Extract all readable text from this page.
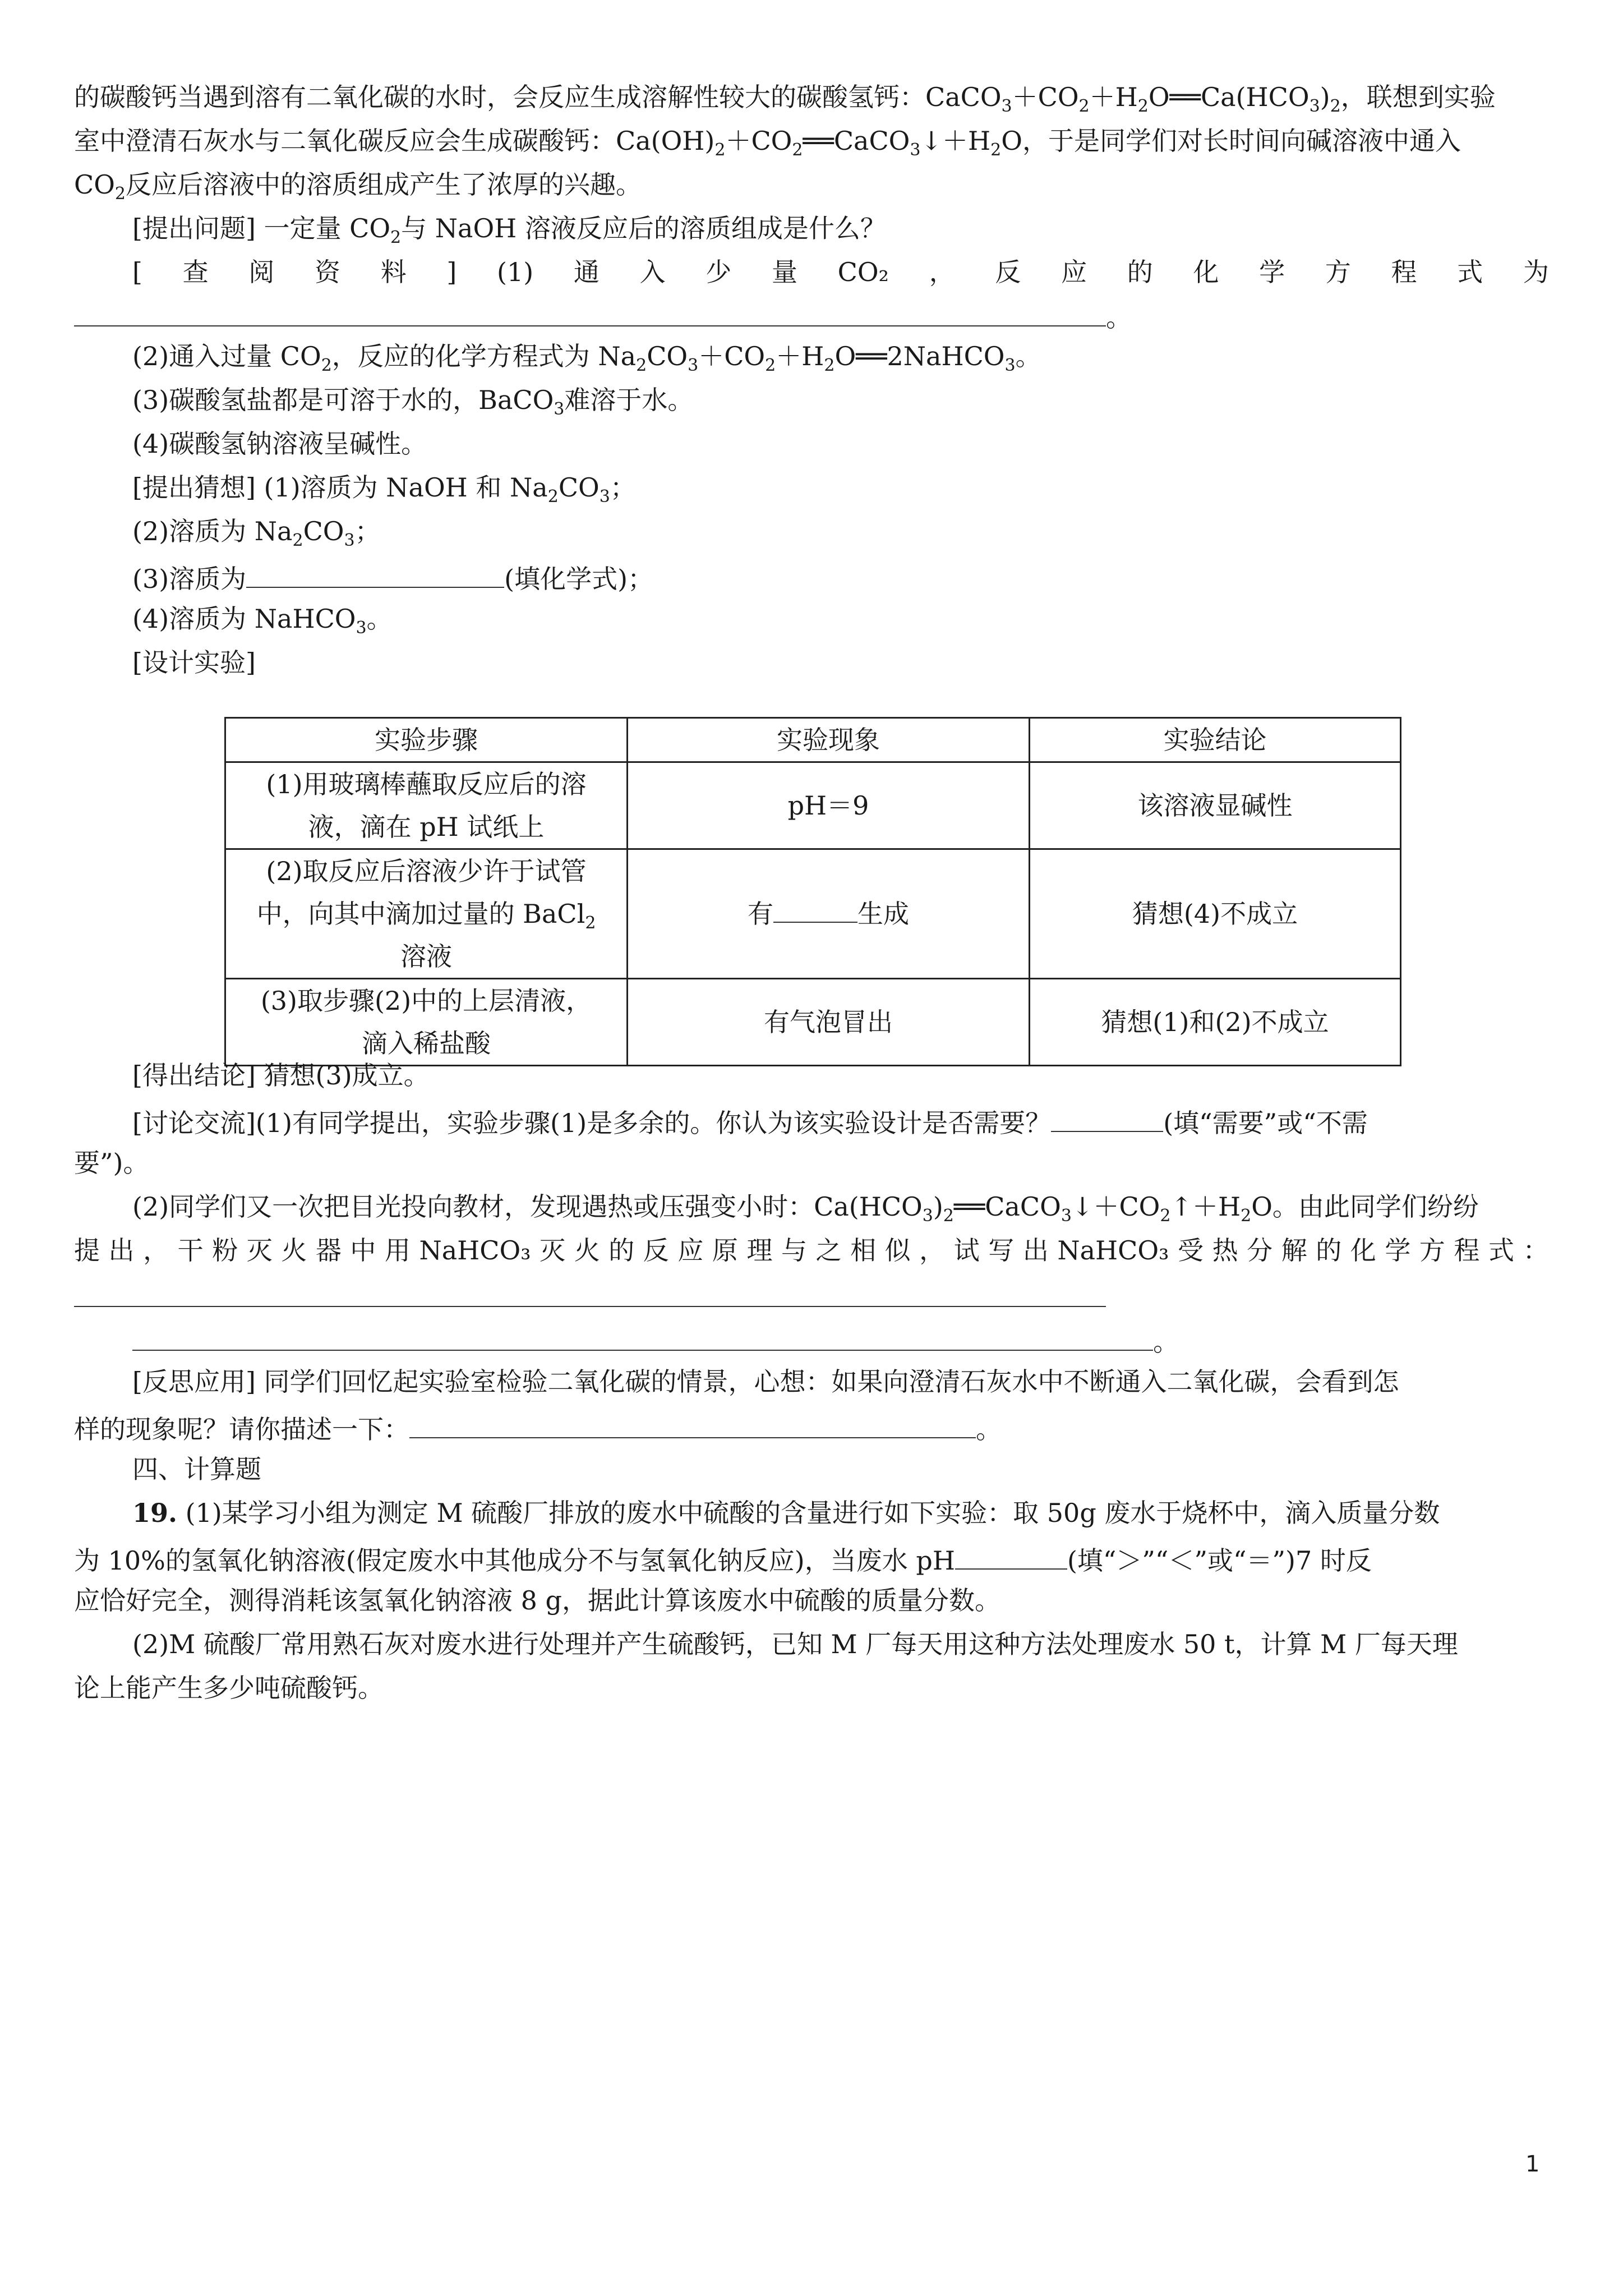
的碳酸钙当遇到溶有二氧化碳的水时，会反应生成溶解性较大的碳酸氢钙：$CaCO_3+CO_2+H_2O══Ca(HCO_3)_2$，联想到实验
室中澄清石灰水与二氧化碳反应会生成碳酸钙：$Ca(OH)_2+CO_2══CaCO_3↓+H_2O$，于是同学们对长时间向碱溶液中通入
$CO_2$反应后溶液中的溶质组成产生了浓厚的兴趣。
[提出问题] 一定量 $CO_2$与 NaOH 溶液反应后的溶质组成是什么？
[ 查 阅 资 料 ] (1) 通 入 少 量 CO₂ ， 反 应 的 化 学 方 程 式 为
。
(2)通入过量 $CO_2$，反应的化学方程式为 $Na_2CO_3+CO_2+H_2O══2NaHCO_3$。
(3)碳酸氢盐都是可溶于水的，BaCO$_3$难溶于水。
(4)碳酸氢钠溶液呈碱性。
[提出猜想] (1)溶质为 NaOH 和 $Na_2CO_3$；
(2)溶质为 $Na_2CO_3$；
(3)溶质为	(填化学式)；
(4)溶质为 NaHCO$_3$。
[设计实验]
实验步骤	实验现象	实验结论
(1)用玻璃棒蘸取反应后的溶
液，滴在 pH 试纸上	pH＝9	该溶液显碱性
(2)取反应后溶液少许于试管
中，向其中滴加过量的 BaCl$_2$
溶液	有 生成	猜想(4)不成立
(3)取步骤(2)中的上层清液，
滴入稀盐酸	有气泡冒出	猜想(1)和(2)不成立
[得出结论] 猜想(3)成立。
[讨论交流](1)有同学提出，实验步骤(1)是多余的。你认为该实验设计是否需要？	(填“需要”或“不需
要”)。
(2)同学们又一次把目光投向教材，发现遇热或压强变小时：$Ca(HCO_3)_2══CaCO_3↓+CO_2↑+H_2O$。由此同学们纷纷
提 出 ， 干 粉 灭 火 器 中 用 NaHCO₃ 灭 火 的 反 应 原 理 与 之 相 似 ， 试 写 出 NaHCO₃ 受 热 分 解 的 化 学 方 程 式 ：
。
[反思应用] 同学们回忆起实验室检验二氧化碳的情景，心想：如果向澄清石灰水中不断通入二氧化碳，会看到怎
样的现象呢？请你描述一下：	。
四、计算题
19. (1)某学习小组为测定 M 硫酸厂排放的废水中硫酸的含量进行如下实验：取 50g 废水于烧杯中，滴入质量分数
为 10%的氢氧化钠溶液(假定废水中其他成分不与氢氧化钠反应)，当废水 pH	(填“＞”“＜”或“＝”)7 时反
应恰好完全，测得消耗该氢氧化钠溶液 8 g，据此计算该废水中硫酸的质量分数。
(2)M 硫酸厂常用熟石灰对废水进行处理并产生硫酸钙，已知 M 厂每天用这种方法处理废水 50 t，计算 M 厂每天理
论上能产生多少吨硫酸钙。
1
